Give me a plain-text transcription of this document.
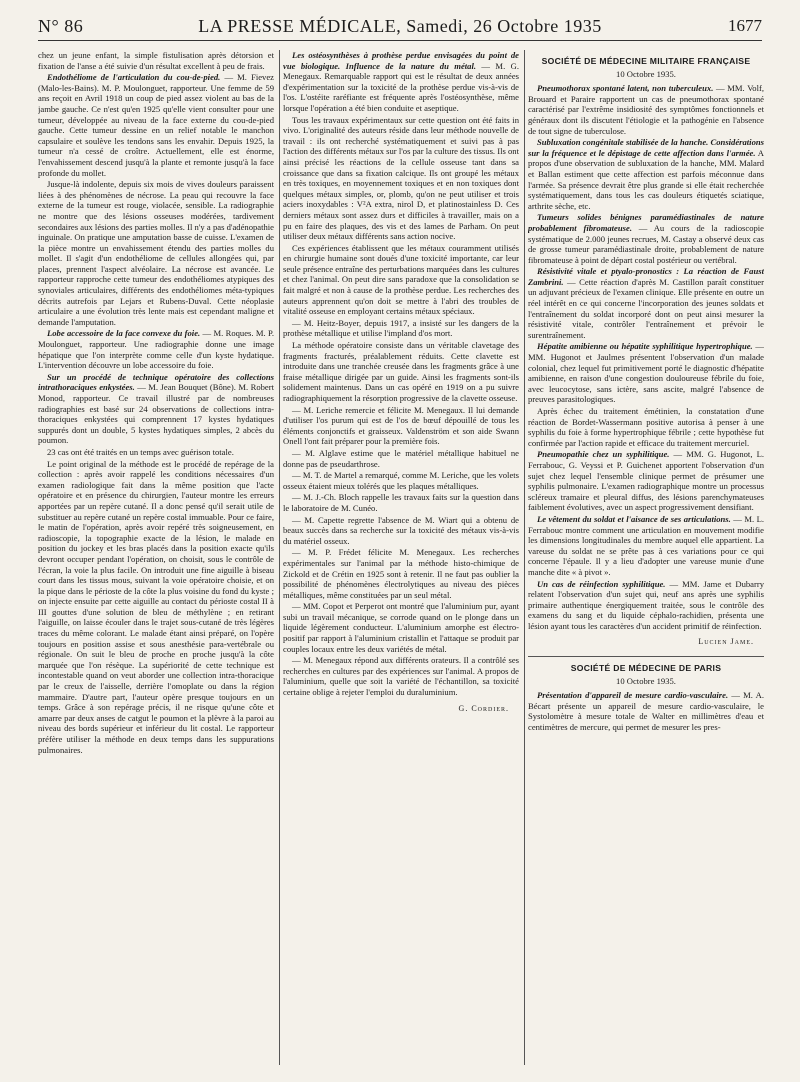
N° 86	LA PRESSE MÉDICALE, Samedi, 26 Octobre 1935	1677

chez un jeune enfant, la simple fistulisation après détorsion et fixation de l'anse a été suivie d'un résultat excellent à peu de frais.

Endothéliome de l'articulation du cou-de-pied. — M. Fievez (Malo-les-Bains). M. P. Moulonguet, rapporteur. Une femme de 59 ans reçoit en Avril 1918 un coup de pied assez violent au bas de la jambe gauche. Ce n'est qu'en 1925 qu'elle vient consulter pour une tumeur, développée au niveau de la face externe du cou-de-pied gauche. Cette tumeur dessine en un relief notable le manchon capsulaire et soulève les tendons sans les envahir. Depuis 1925, la tumeur n'a cessé de croître. Actuellement, elle est énorme, l'envahissement descend jusqu'à la plante et remonte jusqu'à la face profonde du mollet.

Jusque-là indolente, depuis six mois de vives douleurs paraissent liées à des phénomènes de nécrose. La peau qui recouvre la face externe de la tumeur est rouge, violacée, sensible. La radiographie ne montre que des lésions osseuses modérées, tardivement secondaires aux lésions des parties molles. Il n'y a pas d'adénopathie inguinale. On pratique une amputation basse de cuisse. L'examen de la pièce montre un envahissement étendu des parties molles du mollet. Il s'agit d'un endothéliome de cellules allongées qui, par places, prennent l'aspect alvéolaire. La nécrose est avancée. Le rapporteur rapproche cette tumeur des endothéliomes atypiques des synoviales articulaires, différents des endothéliomes méta-typiques décrits autrefois par Lejars et Rubens-Duval. Cette néoplasie articulaire a une évolution très lente mais est cependant maligne et demande l'amputation.

Lobe accessoire de la face convexe du foie. — M. Roques. M. P. Moulonguet, rapporteur. Une radiographie donne une image hépatique que l'on interprète comme celle d'un kyste hydatique. L'intervention découvre un lobe accessoire du foie.

Sur un procédé de technique opératoire des collections intrathoraciques enkystées. — M. Jean Bouquet (Bône). M. Robert Monod, rapporteur. Ce travail illustré par de nombreuses radiographies est basé sur 24 observations de collections intra-thoraciques enkystées qui comprennent 17 kystes hydatiques suppurés dont un double, 5 kystes hydatiques simples, 2 abcès du poumon.

23 cas ont été traités en un temps avec guérison totale.

Le point original de la méthode est le procédé de repérage de la collection : après avoir rappelé les conditions nécessaires d'un examen radiologique fait dans la même position que l'acte opératoire et en présence du chirurgien, l'auteur montre les erreurs apportées par un repère cutané. Il a donc pensé qu'il serait utile de substituer au repère cutané un repère costal immuable. Pour ce faire, le matin de l'opération, après avoir repéré très soigneusement, en radioscopie, la topographie exacte de la lésion, le malade en position du jockey et les bras placés dans la position exacte qu'ils devront occuper pendant l'opération, on choisit, sous le contrôle de l'écran, la voie la plus facile. On introduit une fine aiguille à biseau court dans les tissus mous, suivant la voie opératoire choisie, et on la pique dans le périoste de la côte la plus voisine du fond du kyste ; on injecte ensuite par cette aiguille au contact du périoste costal II à III gouttes d'une solution de bleu de méthylène ; en retirant l'aiguille, on laisse écouler dans le trajet sous-cutané de très légères traces du même colorant. Le malade étant ainsi préparé, on l'opère toujours en position assise et sous anesthésie para-vertébrale ou régionale. On suit le bleu de proche en proche jusqu'à la côte marquée que l'on résèque. La supériorité de cette technique est incontestable quand on veut aborder une collection intra-thoracique par le creux de l'aisselle, derrière l'omoplate ou dans la région mammaire. D'autre part, l'auteur opère presque toujours en un temps. Grâce à son repérage précis, il ne risque qu'une côte et amarre par deux anses de catgut le poumon et la plèvre à la paroi au niveau des bords supérieur et inférieur du lit costal. Le rapporteur préfère utiliser la méthode en deux temps dans les suppurations pulmonaires.

Les ostéosynthèses à prothèse perdue envisagées du point de vue biologique. Influence de la nature du métal. — M. G. Menegaux. Remarquable rapport qui est le résultat de deux années d'expérimentation sur la toxicité de la prothèse perdue vis-à-vis de l'os. L'ostéite raréfiante est fréquente après l'ostéosynthèse, même lorsque l'opération a été bien conduite et aseptique.

Tous les travaux expérimentaux sur cette question ont été faits in vivo. L'originalité des auteurs réside dans leur méthode nouvelle de travail : ils ont recherché systématiquement et suivi pas à pas l'action des différents métaux sur l'os par la culture des tissus. Ils ont ainsi précisé les réactions de la cellule osseuse tant dans sa croissance que dans sa fixation calcique. Ils ont groupé les métaux en très toxiques, en moyennement toxiques et en non toxiques dont quelques métaux simples, or, plomb, qu'on ne peut utiliser et trois aciers inoxydables : V²A extra, nirol D, et platinostainless D. Ces derniers métaux sont assez durs et difficiles à travailler, mais on a pu en faire des plaques, des vis et des lames de Parham. On peut utiliser deux métaux différents sans action nocive.

Ces expériences établissent que les métaux couramment utilisés en chirurgie humaine sont doués d'une toxicité importante, car leur seule présence entraîne des perturbations marquées dans les cultures et chez l'animal. On peut dire sans paradoxe que la consolidation se fait malgré et non à cause de la prothèse perdue. Les recherches des auteurs apprennent qu'on doit se mettre à l'abri des troubles de vitalité osseuse en employant certains métaux spéciaux.

— M. Heitz-Boyer, depuis 1917, a insisté sur les dangers de la prothèse métallique et utilise l'impland d'os mort.

La méthode opératoire consiste dans un véritable clavetage des fragments fracturés, préalablement réduits. Cette clavette est introduite dans une tranchée creusée dans les fragments grâce à une fraise métallique dirigée par un guide. Ainsi les fragments sont-ils solidement maintenus. Dans un cas opéré en 1919 on a pu suivre radiographiquement la résorption progressive de la clavette osseuse.

— M. Leriche remercie et félicite M. Menegaux. Il lui demande d'utiliser l'os purum qui est de l'os de bœuf dépouillé de tous les éléments conjonctifs et graisseux. Valdenström et son aide Swann Onell l'ont fait préparer pour la première fois.

— M. Alglave estime que le matériel métallique habituel ne donne pas de pseudarthrose.

— M. T. de Martel a remarqué, comme M. Leriche, que les volets osseux étaient mieux tolérés que les plaques métalliques.

— M. J.-Ch. Bloch rappelle les travaux faits sur la question dans le laboratoire de M. Cunéo.

— M. Capette regrette l'absence de M. Wiart qui a obtenu de beaux succès dans sa recherche sur la toxicité des métaux vis-à-vis du matériel osseux.

— M. P. Frédet félicite M. Menegaux. Les recherches expérimentales sur l'animal par la méthode histo-chimique de Zickold et de Crétin en 1925 sont à retenir. Il ne faut pas oublier la possibilité de phénomènes électrolytiques au niveau des pièces métalliques, même constituées par un seul métal.

— MM. Copot et Perperot ont montré que l'aluminium pur, ayant subi un travail mécanique, se corrode quand on le plonge dans un liquide légèrement conducteur. L'aluminium amorphe est électro-positif par rapport à l'aluminium cristallin et l'attaque se produit par couples locaux entre les deux variétés de métal.

— M. Menegaux répond aux différents orateurs. Il a contrôlé ses recherches en cultures par des expériences sur l'animal. A propos de l'aluminium, quelle que soit la variété de l'échantillon, sa toxicité certaine oblige à rejeter l'emploi du duraluminium.

G. Cordier.
SOCIÉTÉ DE MÉDECINE MILITAIRE FRANÇAISE
10 Octobre 1935.

Pneumothorax spontané latent, non tuberculeux. — MM. Volf, Brouard et Paraire rapportent un cas de pneumothorax spontané caractérisé par l'extrême insidiosité des symptômes fonctionnels et généraux dont ils discutent l'étiologie et la pathogénie en l'absence de tout signe de tuberculose.

Subluxation congénitale stabilisée de la hanche. Considérations sur la fréquence et le dépistage de cette affection dans l'armée. A propos d'une observation de subluxation de la hanche, MM. Malard et Ballan estiment que cette affection est parfois méconnue dans l'armée. Sa présence devrait être plus grande si elle était recherchée systématiquement, dans tous les cas douleurs étiquetés sciatique, arthrite sèche, etc.

Tumeurs solides bénignes paramédiastinales de nature probablement fibromateuse. — Au cours de la radioscopie systématique de 2.000 jeunes recrues, M. Castay a observé deux cas de grosse tumeur paramédiastinale droite, probablement de nature fibromateuse à point de départ costal postérieur ou vertébral.

Résistivité vitale et ptyalo-pronostics : La réaction de Faust Zambrini. — Cette réaction d'après M. Castillon paraît constituer un adjuvant précieux de l'examen clinique. Elle présente en outre un réel intérêt en ce qui concerne l'incorporation des jeunes soldats et l'entraînement du soldat incorporé dont on peut ainsi mesurer la résistivité vitale, contrôler l'entraînement et prévoir le surentraînement.

Hépatite amibienne ou hépatite syphilitique hypertrophique. — MM. Hugonot et Jaulmes présentent l'observation d'un malade colonial, chez lequel fut primitivement porté le diagnostic d'hépatite amibienne, en raison d'une congestion douloureuse fébrile du foie, avec leucocytose, sans ictère, sans ascite, malgré l'absence de preuves parasitologiques.

Après échec du traitement émétinien, la constatation d'une réaction de Bordet-Wassermann positive autorisa à penser à une syphilis du foie à forme hypertrophique fébrile ; cette hypothèse fut confirmée par l'action rapide et efficace du traitement mercuriel.

Pneumopathie chez un syphilitique. — MM. G. Hugonot, L. Ferrabouc, G. Veyssi et P. Guichenet apportent l'observation d'un sujet chez lequel l'ensemble clinique permet de présumer une syphilis pulmonaire. L'examen radiographique montre un processus scléreux tramaire et pleural diffus, des lésions parenchymateuses faiblement évolutives, avec un aspect progressivement densifiant.

Le vêtement du soldat et l'aisance de ses articulations. — M. L. Ferrabouc montre comment une articulation en mouvement modifie les dimensions longitudinales du membre auquel elle appartient. La vareuse du soldat ne se prête pas à ces variations pour ce qui concerne l'épaule. Il y a lieu d'adopter une vareuse munie d'une manche dite « à pivot ».

Un cas de réinfection syphilitique. — MM. Jame et Dubarry relatent l'observation d'un sujet qui, neuf ans après une syphilis primaire authentique énergiquement traitée, sous le contrôle des examens du sang et du liquide céphalo-rachidien, présenta une lésion ayant tous les caractères d'un accident primitif de réinfection.

Lucien Jame.
SOCIÉTÉ DE MÉDECINE DE PARIS
10 Octobre 1935.

Présentation d'appareil de mesure cardio-vasculaire. — M. A. Bécart présente un appareil de mesure cardio-vasculaire, le Systolomètre à mesure totale de Walter en millimètres d'eau et centimètres de mercure, qui permet de mesurer les pres-
